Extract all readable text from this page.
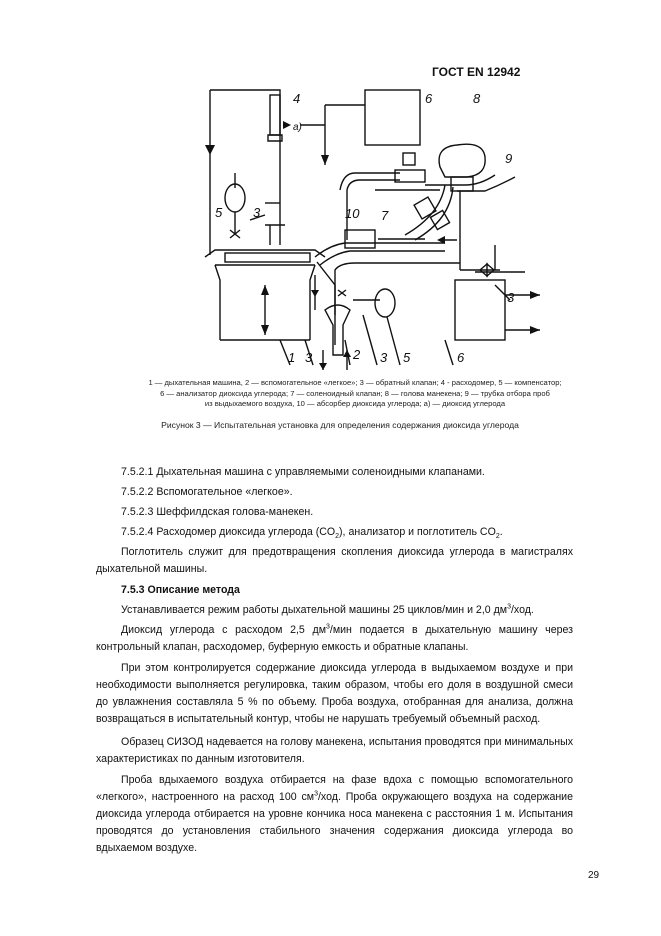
ГОСТ EN 12942
4
а)
6	8
9
5 3	10 7
1 3	2 3 5	6
3
1 — дыхательная машина, 2 — вспомогательное «легкое»; 3 — обратный клапан; 4 - расходомер, 5 — компенсатор;
6 — анализатор диоксида углерода; 7 — соленоидный клапан; 8 — голова манекена; 9 — трубка отбора проб
из выдыхаемого воздуха, 10 — абсорбер диоксида углерода; а) — диоксид углерода
Рисунок 3 — Испытательная установка для определения содержания диоксида углерода
7.5.2.1 Дыхательная машина с управляемыми соленоидными клапанами.
7.5.2.2 Вспомогательное «легкое».
7.5.2.3 Шеффилдская голова-манекен.
7.5.2.4 Расходомер диоксида углерода $(CO_2)$, анализатор и поглотитель $CO_2$.
Поглотитель служит для предотвращения скопления диоксида углерода в магистралях дыхательной машины.
7.5.3 Описание метода
Устанавливается режим работы дыхательной машины 25 циклов/мин и 2,0 $дм^3$/ход.
Диоксид углерода с расходом 2,5 $дм^3$/мин подается в дыхательную машину через контрольный клапан, расходомер, буферную емкость и обратные клапаны.
При этом контролируется содержание диоксида углерода в выдыхаемом воздухе и при необходимости выполняется регулировка, таким образом, чтобы его доля в воздушной смеси до увлажнения составляла 5 % по объему. Проба воздуха, отобранная для анализа, должна возвращаться в испытательный контур, чтобы не нарушать требуемый объемный расход.
Образец СИЗОД надевается на голову манекена, испытания проводятся при минимальных характеристиках по данным изготовителя.
Проба вдыхаемого воздуха отбирается на фазе вдоха с помощью вспомогательного «легкого», настроенного на расход 100 $см^3$/ход. Проба окружающего воздуха на содержание диоксида углерода отбирается на уровне кончика носа манекена с расстояния 1 м. Испытания проводятся до установления стабильного значения содержания диоксида углерода во вдыхаемом воздухе.
29
